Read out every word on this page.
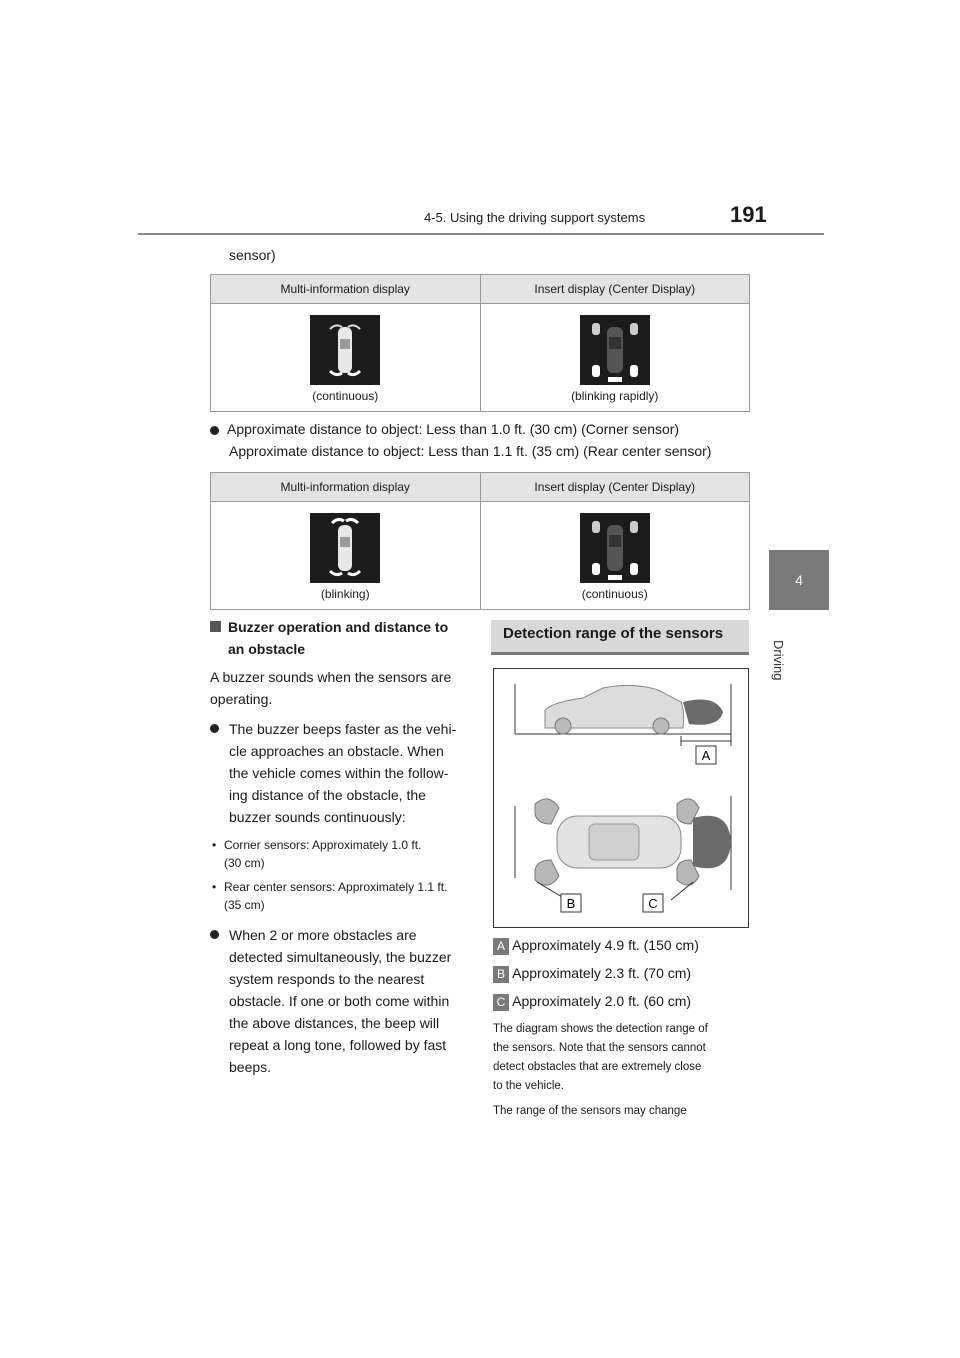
4-5. Using the driving support systems	191
4
Driving
sensor)
Multi-information display	Insert display (Center Display)

(continuous)	(blinking rapidly)
Approximate distance to object: Less than 1.0 ft. (30 cm) (Corner sensor)
Approximate distance to object: Less than 1.1 ft. (35 cm) (Rear center sensor)
Multi-information display	Insert display (Center Display)

(blinking)	(continuous)
Buzzer operation and distance to
an obstacle
A buzzer sounds when the sensors are
operating.
The buzzer beeps faster as the vehi-
cle approaches an obstacle. When
the vehicle comes within the follow-
ing distance of the obstacle, the
buzzer sounds continuously:
• Corner sensors: Approximately 1.0 ft.
(30 cm)
• Rear center sensors: Approximately 1.1 ft.
(35 cm)
When 2 or more obstacles are
detected simultaneously, the buzzer
system responds to the nearest
obstacle. If one or both come within
the above distances, the beep will
repeat a long tone, followed by fast
beeps.
Detection range of the sensors
A
B	C
A Approximately 4.9 ft. (150 cm)
B Approximately 2.3 ft. (70 cm)
C Approximately 2.0 ft. (60 cm)
The diagram shows the detection range of
the sensors. Note that the sensors cannot
detect obstacles that are extremely close
to the vehicle.
The range of the sensors may change
